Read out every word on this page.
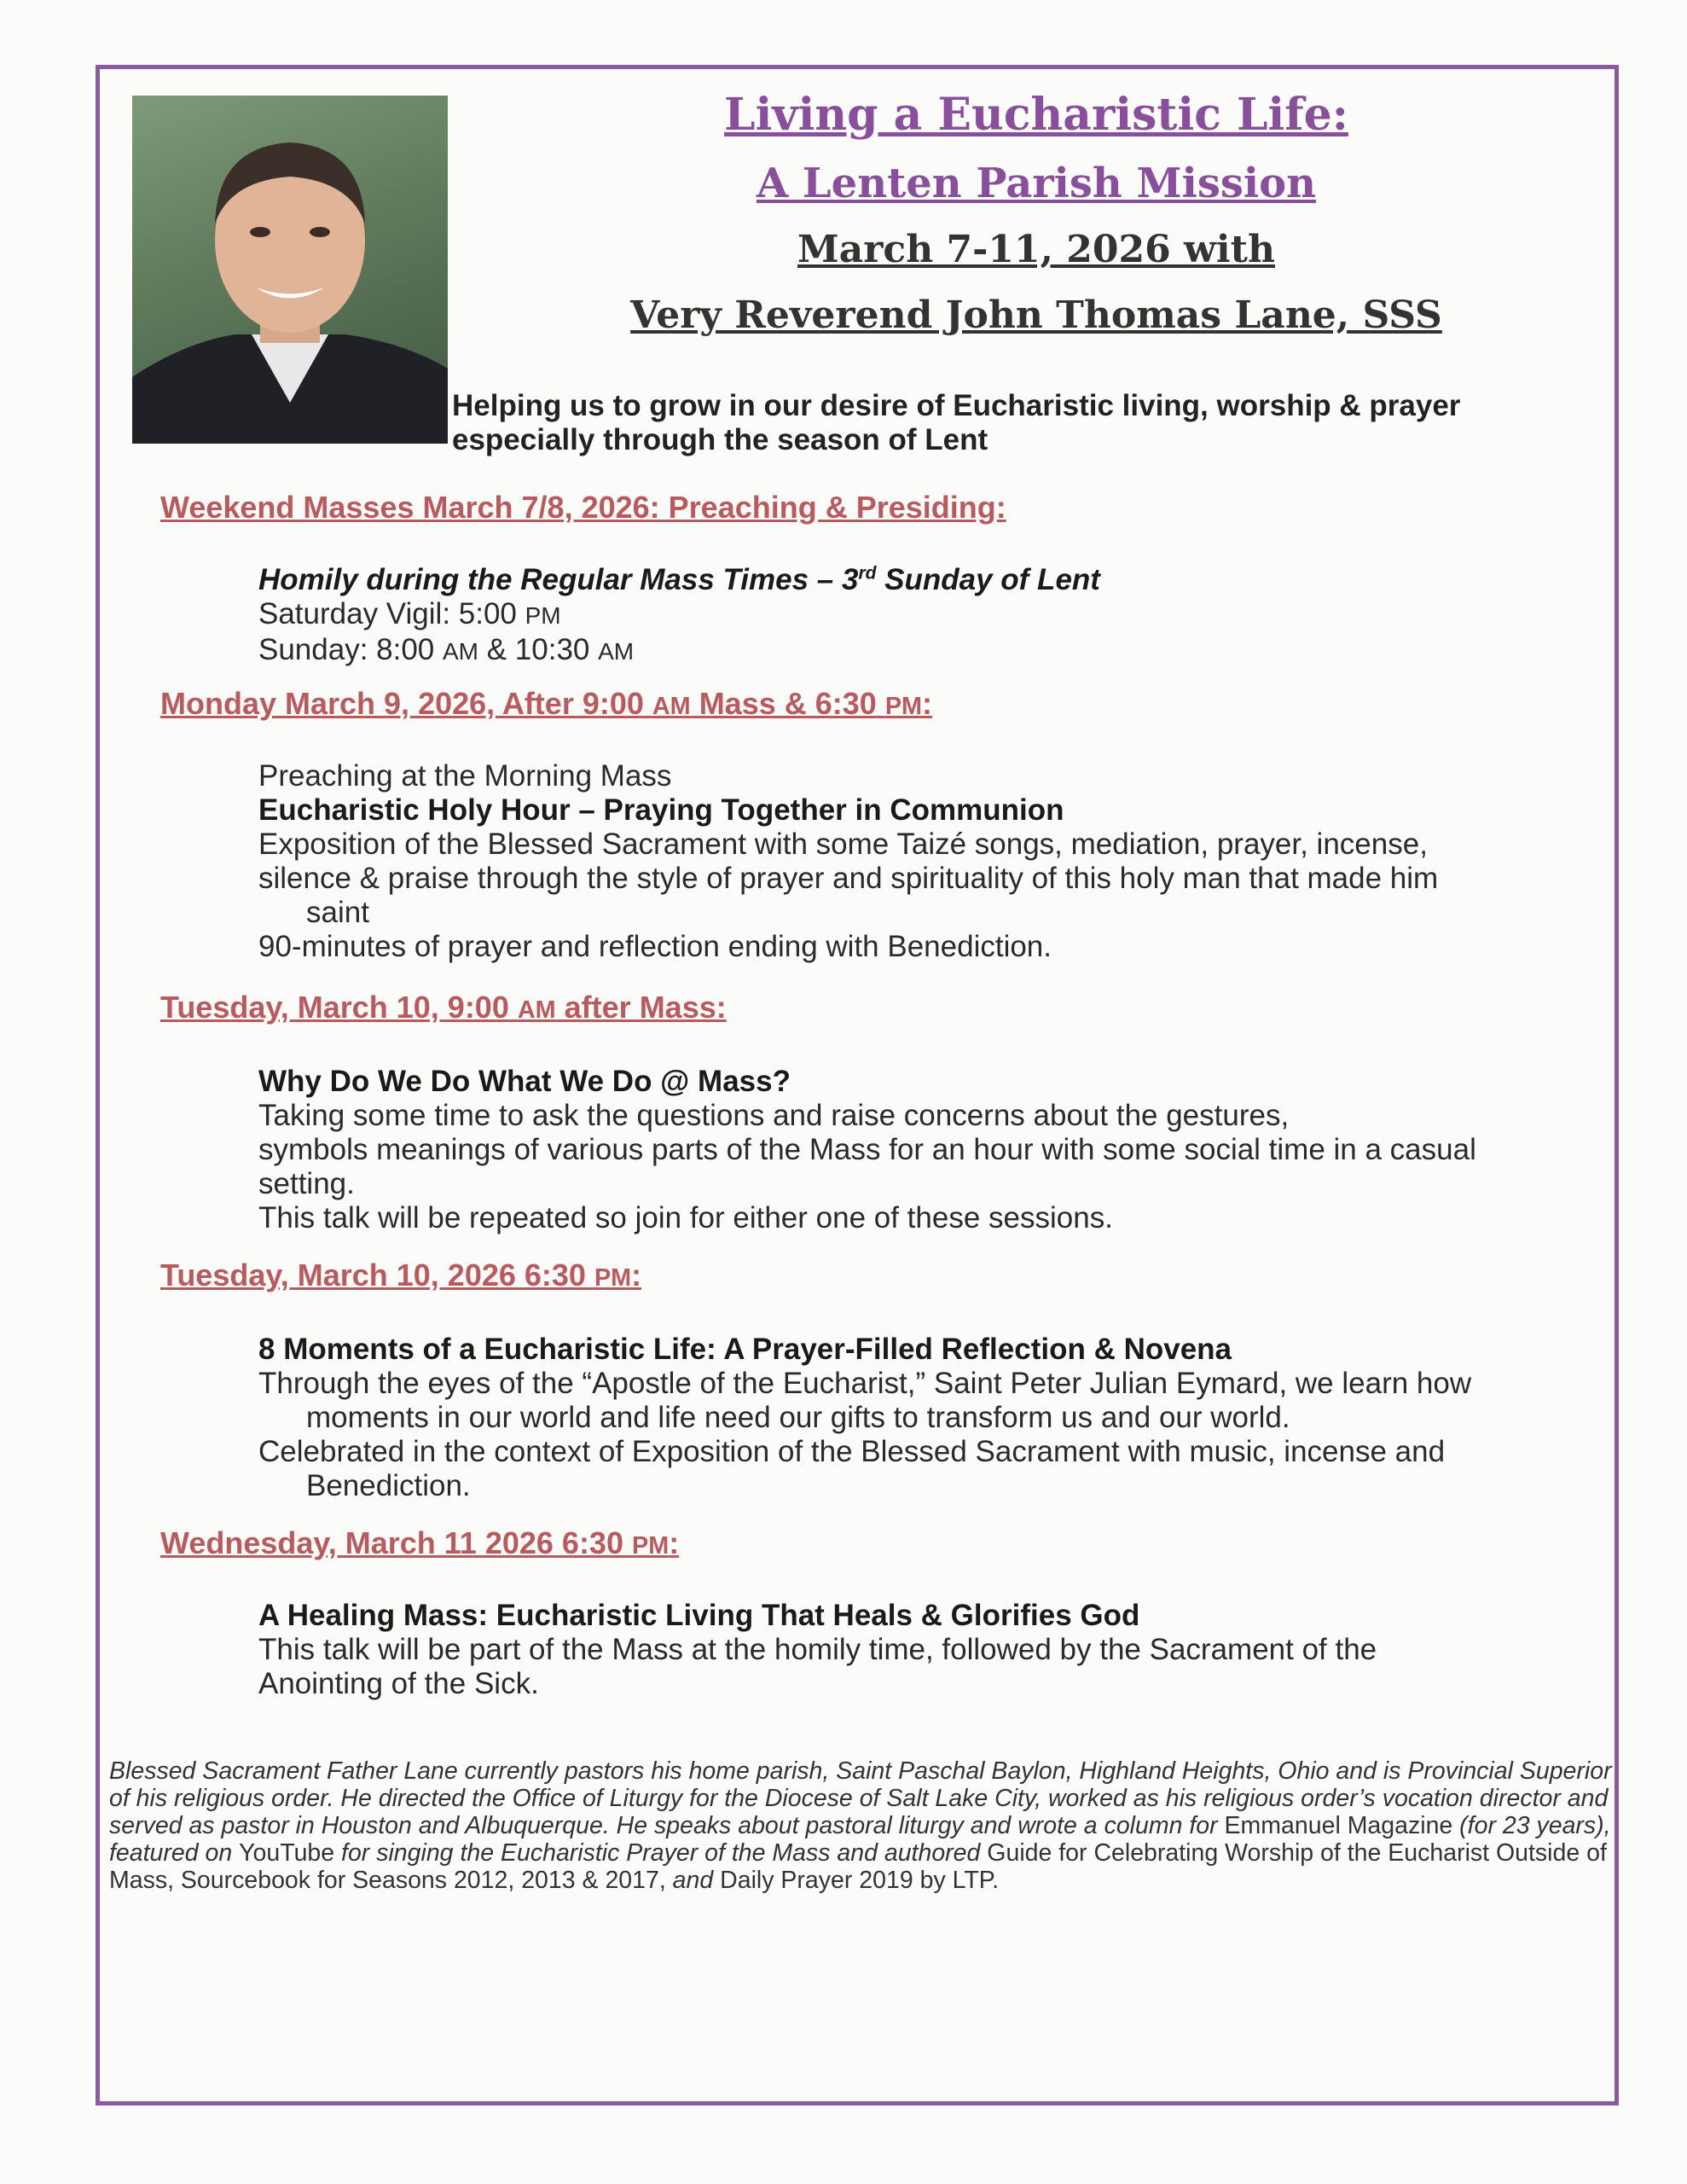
Living a Eucharistic Life:
A Lenten Parish Mission
March 7-11, 2026 with
Very Reverend John Thomas Lane, SSS
Helping us to grow in our desire of Eucharistic living, worship & prayer
especially through the season of Lent
Weekend Masses March 7/8, 2026: Preaching & Presiding:
Homily during the Regular Mass Times – 3rd Sunday of Lent
Saturday Vigil: 5:00 PM
Sunday: 8:00 AM & 10:30 AM
Monday March 9, 2026, After 9:00 AM Mass & 6:30 PM:
Preaching at the Morning Mass
Eucharistic Holy Hour – Praying Together in Communion
Exposition of the Blessed Sacrament with some Taizé songs, mediation, prayer, incense,
silence & praise through the style of prayer and spirituality of this holy man that made him
saint
90-minutes of prayer and reflection ending with Benediction.
Tuesday, March 10, 9:00 AM after Mass:
Why Do We Do What We Do @ Mass?
Taking some time to ask the questions and raise concerns about the gestures,
symbols meanings of various parts of the Mass for an hour with some social time in a casual
setting.
This talk will be repeated so join for either one of these sessions.
Tuesday, March 10, 2026 6:30 PM:
8 Moments of a Eucharistic Life: A Prayer-Filled Reflection & Novena
Through the eyes of the “Apostle of the Eucharist,” Saint Peter Julian Eymard, we learn how
moments in our world and life need our gifts to transform us and our world.
Celebrated in the context of Exposition of the Blessed Sacrament with music, incense and
Benediction.
Wednesday, March 11 2026 6:30 PM:
A Healing Mass: Eucharistic Living That Heals & Glorifies God
This talk will be part of the Mass at the homily time, followed by the Sacrament of the
Anointing of the Sick.
Blessed Sacrament Father Lane currently pastors his home parish, Saint Paschal Baylon, Highland Heights, Ohio and is Provincial Superior of his religious order. He directed the Office of Liturgy for the Diocese of Salt Lake City, worked as his religious order’s vocation director and served as pastor in Houston and Albuquerque. He speaks about pastoral liturgy and wrote a column for Emmanuel Magazine (for 23 years), featured on YouTube for singing the Eucharistic Prayer of the Mass and authored Guide for Celebrating Worship of the Eucharist Outside of Mass, Sourcebook for Seasons 2012, 2013 & 2017, and Daily Prayer 2019 by LTP.
